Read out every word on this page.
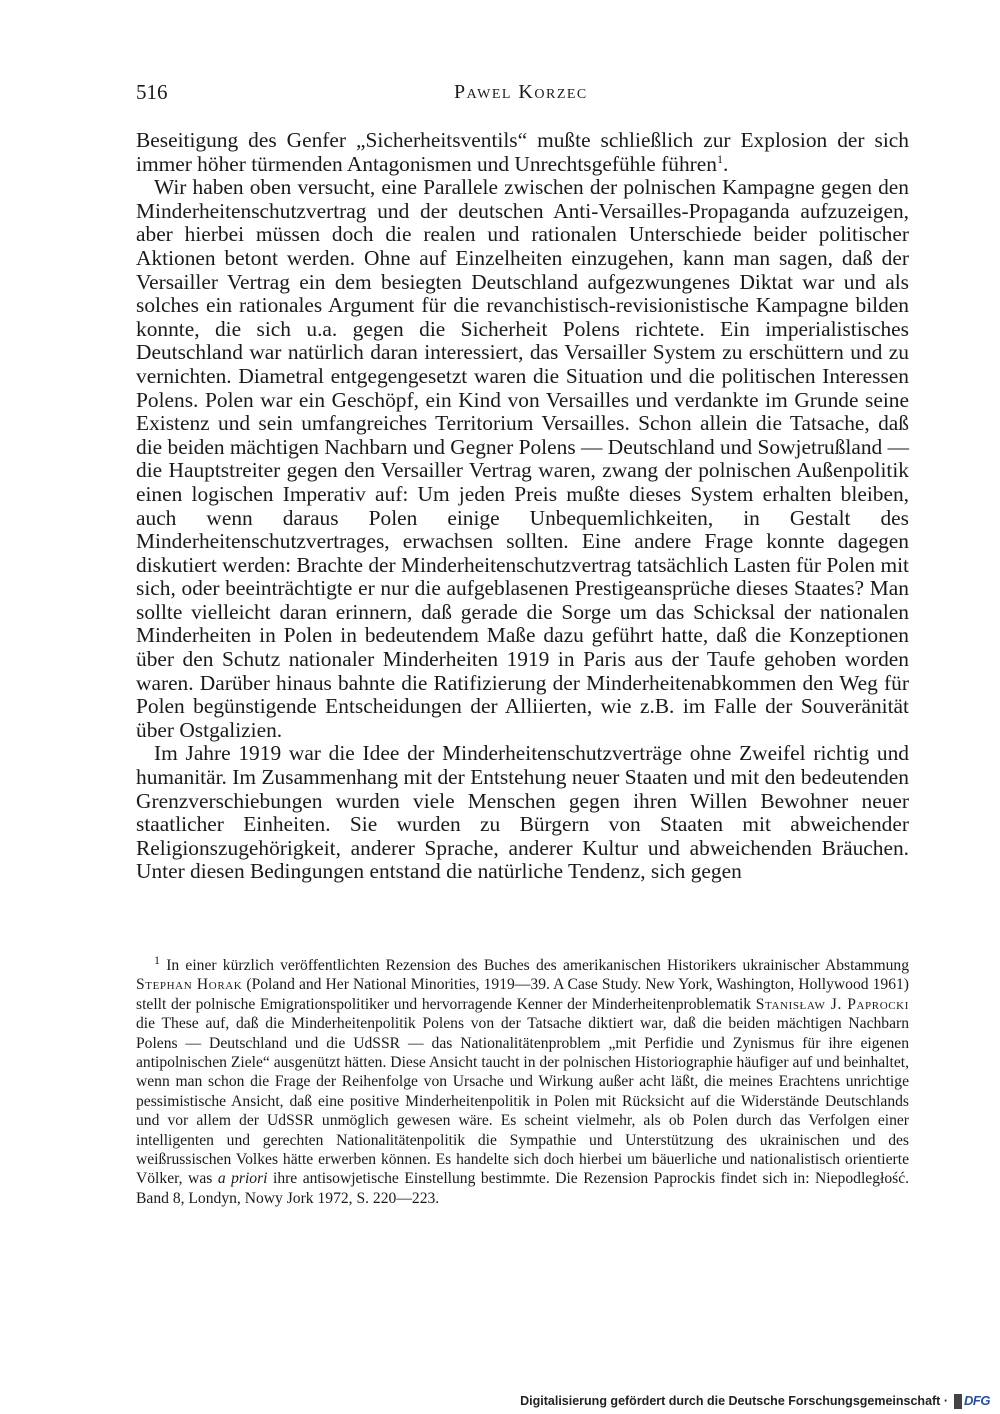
516	Pawel Korzec

Beseitigung des Genfer „Sicherheitsventils“ mußte schließlich zur Explosion der sich immer höher türmenden Antagonismen und Unrechtsgefühle führen$^1$.

Wir haben oben versucht, eine Parallele zwischen der polnischen Kampagne gegen den Minderheitenschutzvertrag und der deutschen Anti-Versailles-Propaganda aufzuzeigen, aber hierbei müssen doch die realen und rationalen Unterschiede beider politischer Aktionen betont werden. Ohne auf Einzelheiten einzugehen, kann man sagen, daß der Versailler Vertrag ein dem besiegten Deutschland aufgezwungenes Diktat war und als solches ein rationales Argument für die revanchistisch-revisionistische Kampagne bilden konnte, die sich u.a. gegen die Sicherheit Polens richtete. Ein imperialistisches Deutschland war natürlich daran interessiert, das Versailler System zu erschüttern und zu vernichten. Diametral entgegengesetzt waren die Situation und die politischen Interessen Polens. Polen war ein Geschöpf, ein Kind von Versailles und verdankte im Grunde seine Existenz und sein umfangreiches Territorium Versailles. Schon allein die Tatsache, daß die beiden mächtigen Nachbarn und Gegner Polens — Deutschland und Sowjetrußland — die Hauptstreiter gegen den Versailler Vertrag waren, zwang der polnischen Außenpolitik einen logischen Imperativ auf: Um jeden Preis mußte dieses System erhalten bleiben, auch wenn daraus Polen einige Unbequemlichkeiten, in Gestalt des Minderheitenschutzvertrages, erwachsen sollten. Eine andere Frage konnte dagegen diskutiert werden: Brachte der Minderheitenschutzvertrag tatsächlich Lasten für Polen mit sich, oder beeinträchtigte er nur die aufgeblasenen Prestigeansprüche dieses Staates? Man sollte vielleicht daran erinnern, daß gerade die Sorge um das Schicksal der nationalen Minderheiten in Polen in bedeutendem Maße dazu geführt hatte, daß die Konzeptionen über den Schutz nationaler Minderheiten 1919 in Paris aus der Taufe gehoben worden waren. Darüber hinaus bahnte die Ratifizierung der Minderheitenabkommen den Weg für Polen begünstigende Entscheidungen der Alliierten, wie z.B. im Falle der Souveränität über Ostgalizien.

Im Jahre 1919 war die Idee der Minderheitenschutzverträge ohne Zweifel richtig und humanitär. Im Zusammenhang mit der Entstehung neuer Staaten und mit den bedeutenden Grenzverschiebungen wurden viele Menschen gegen ihren Willen Bewohner neuer staatlicher Einheiten. Sie wurden zu Bürgern von Staaten mit abweichender Religionszugehörigkeit, anderer Sprache, anderer Kultur und abweichenden Bräuchen. Unter diesen Bedingungen entstand die natürliche Tendenz, sich gegen

$^1$ In einer kürzlich veröffentlichten Rezension des Buches des amerikanischen Historikers ukrainischer Abstammung Stephan Horak (Poland and Her National Minorities, 1919—39. A Case Study. New York, Washington, Hollywood 1961) stellt der polnische Emigrationspolitiker und hervorragende Kenner der Minderheitenproblematik Stanisław J. Paprocki die These auf, daß die Minderheitenpolitik Polens von der Tatsache diktiert war, daß die beiden mächtigen Nachbarn Polens — Deutschland und die UdSSR — das Nationalitätenproblem „mit Perfidie und Zynismus für ihre eigenen antipolnischen Ziele“ ausgenützt hätten. Diese Ansicht taucht in der polnischen Historiographie häufiger auf und beinhaltet, wenn man schon die Frage der Reihenfolge von Ursache und Wirkung außer acht läßt, die meines Erachtens unrichtige pessimistische Ansicht, daß eine positive Minderheitenpolitik in Polen mit Rücksicht auf die Widerstände Deutschlands und vor allem der UdSSR unmöglich gewesen wäre. Es scheint vielmehr, als ob Polen durch das Verfolgen einer intelligenten und gerechten Nationalitätenpolitik die Sympathie und Unterstützung des ukrainischen und des weißrussischen Volkes hätte erwerben können. Es handelte sich doch hierbei um bäuerliche und nationalistisch orientierte Völker, was a priori ihre antisowjetische Einstellung bestimmte. Die Rezension Paprockis findet sich in: Niepodległość. Band 8, Londyn, Nowy Jork 1972, S. 220—223.

Digitalisierung gefördert durch die Deutsche Forschungsgemeinschaft · DFG
